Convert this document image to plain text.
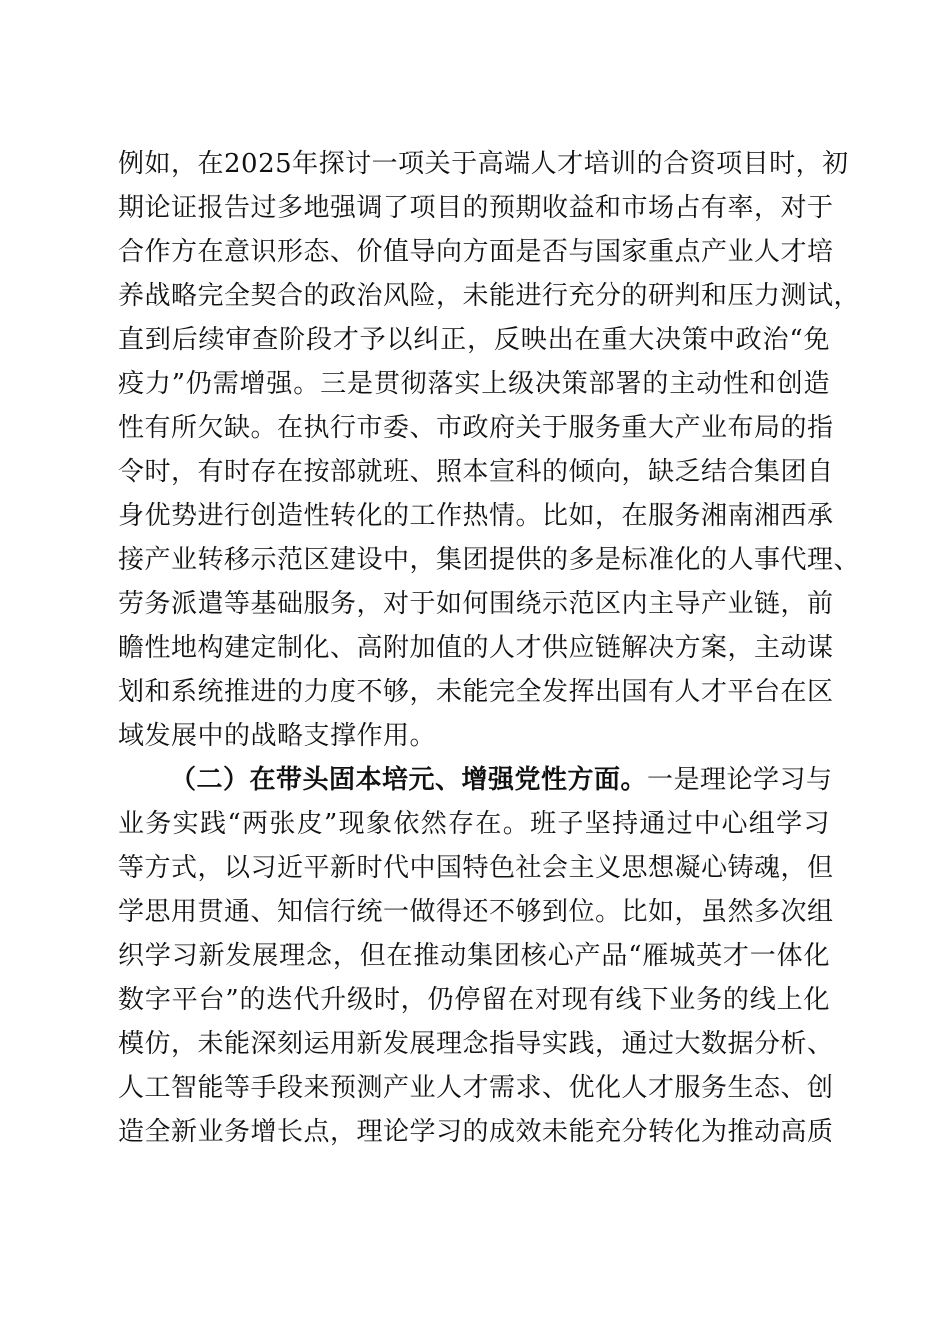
例如，在2025年探讨一项关于高端人才培训的合资项目时，初
期论证报告过多地强调了项目的预期收益和市场占有率，对于
合作方在意识形态、价值导向方面是否与国家重点产业人才培
养战略完全契合的政治风险，未能进行充分的研判和压力测试，
直到后续审查阶段才予以纠正，反映出在重大决策中政治“免
疫力”仍需增强。三是贯彻落实上级决策部署的主动性和创造
性有所欠缺。在执行市委、市政府关于服务重大产业布局的指
令时，有时存在按部就班、照本宣科的倾向，缺乏结合集团自
身优势进行创造性转化的工作热情。比如，在服务湘南湘西承
接产业转移示范区建设中，集团提供的多是标准化的人事代理、
劳务派遣等基础服务，对于如何围绕示范区内主导产业链，前
瞻性地构建定制化、高附加值的人才供应链解决方案，主动谋
划和系统推进的力度不够，未能完全发挥出国有人才平台在区
域发展中的战略支撑作用。
（二）在带头固本培元、增强党性方面。一是理论学习与
业务实践“两张皮”现象依然存在。班子坚持通过中心组学习
等方式，以习近平新时代中国特色社会主义思想凝心铸魂，但
学思用贯通、知信行统一做得还不够到位。比如，虽然多次组
织学习新发展理念，但在推动集团核心产品“雁城英才一体化
数字平台”的迭代升级时，仍停留在对现有线下业务的线上化
模仿，未能深刻运用新发展理念指导实践，通过大数据分析、
人工智能等手段来预测产业人才需求、优化人才服务生态、创
造全新业务增长点，理论学习的成效未能充分转化为推动高质
